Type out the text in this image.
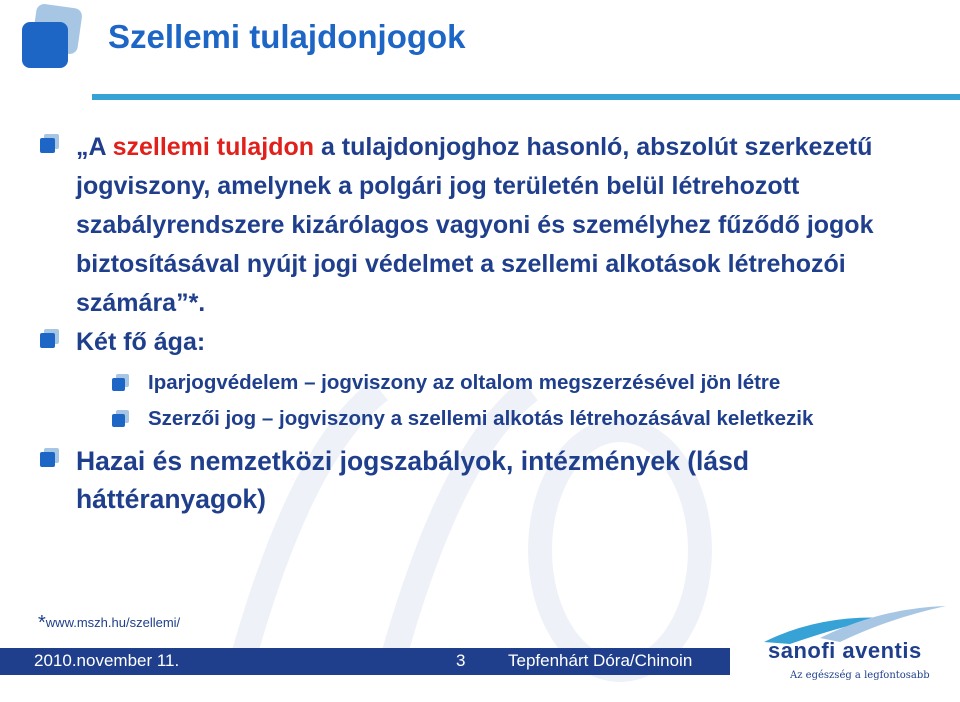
Szellemi tulajdonjogok
„A szellemi tulajdon a tulajdonjoghoz hasonló, abszolút szerkezetű jogviszony, amelynek a polgári jog területén belül létrehozott szabályrendszere kizárólagos vagyoni és személyhez fűződő jogok biztosításával nyújt jogi védelmet a szellemi alkotások létrehozói számára”*.
Két fő ága:
Iparjogvédelem – jogviszony az oltalom megszerzésével jön létre
Szerzői jog – jogviszony a szellemi alkotás létrehozásával keletkezik
Hazai és nemzetközi jogszabályok, intézmények (lásd háttéranyagok)
*www.mszh.hu/szellemi/
2010.november 11.	3	Tepfenhárt Dóra/Chinoin	sanofi aventis
Az egészség a legfontosabb
